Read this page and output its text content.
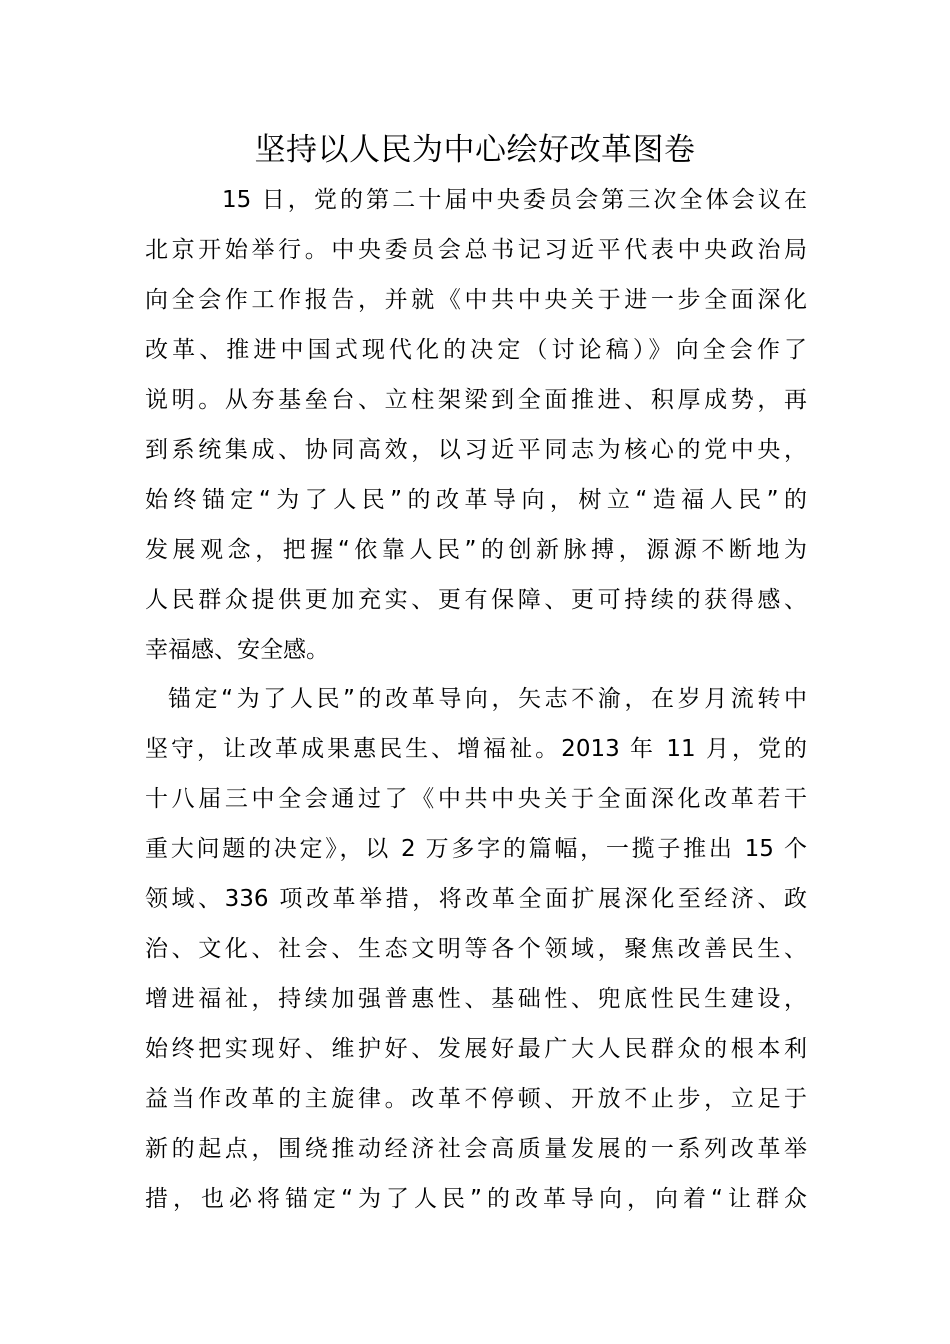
坚持以人民为中心绘好改革图卷
15 日，党的第二十届中央委员会第三次全体会议在
北京开始举行。中央委员会总书记习近平代表中央政治局
向全会作工作报告，并就《中共中央关于进一步全面深化
改革、推进中国式现代化的决定（讨论稿）》向全会作了
说明。从夯基垒台、立柱架梁到全面推进、积厚成势，再
到系统集成、协同高效，以习近平同志为核心的党中央，
始终锚定“为了人民”的改革导向，树立“造福人民”的
发展观念，把握“依靠人民”的创新脉搏，源源不断地为
人民群众提供更加充实、更有保障、更可持续的获得感、
幸福感、安全感。
锚定“为了人民”的改革导向，矢志不渝，在岁月流转中
坚守，让改革成果惠民生、增福祉。2013 年 11 月，党的
十八届三中全会通过了《中共中央关于全面深化改革若干
重大问题的决定》，以 2 万多字的篇幅，一揽子推出 15 个
领域、336 项改革举措，将改革全面扩展深化至经济、政
治、文化、社会、生态文明等各个领域，聚焦改善民生、
增进福祉，持续加强普惠性、基础性、兜底性民生建设，
始终把实现好、维护好、发展好最广大人民群众的根本利
益当作改革的主旋律。改革不停顿、开放不止步，立足于
新的起点，围绕推动经济社会高质量发展的一系列改革举
措，也必将锚定“为了人民”的改革导向，向着“让群众
